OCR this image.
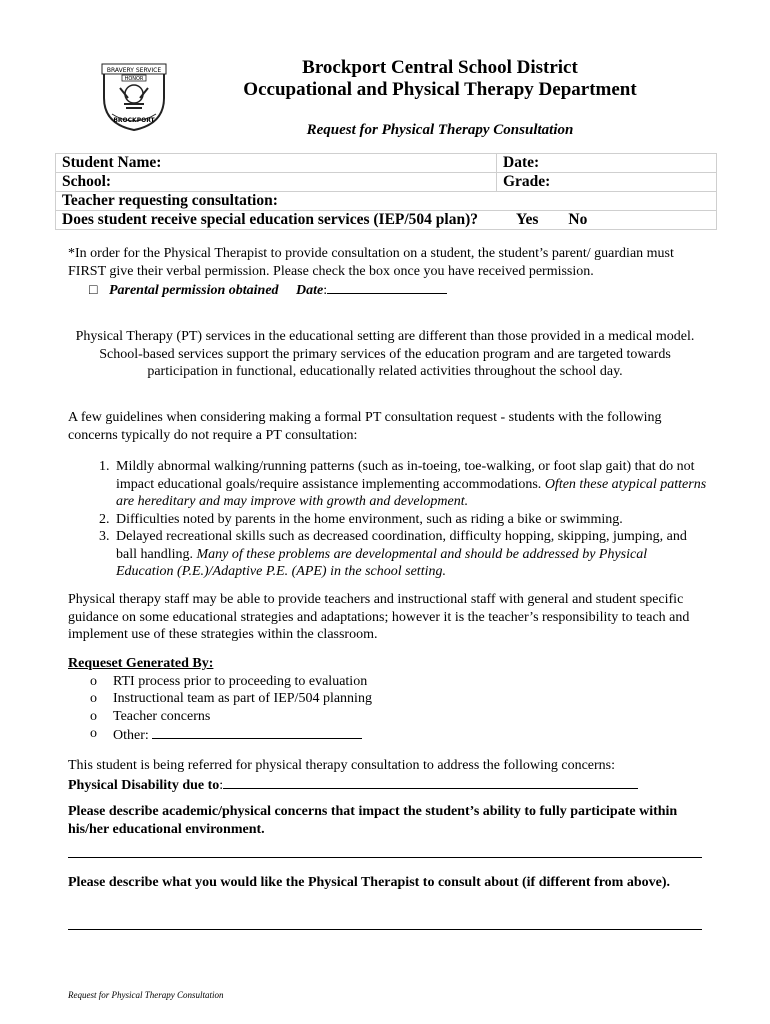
BRAVERY SERVICE
HONOR
BROCKPORT
Brockport Central School District
Occupational and Physical Therapy Department
Request for Physical Therapy Consultation
Student Name:	Date:
School:	Grade:
Teacher requesting consultation:	
Does student receive special education services (IEP/504 plan)? Yes No	
*In order for the Physical Therapist to provide consultation on a student, the student’s parent/ guardian must FIRST give their verbal permission. Please check the box once you have received permission.
□ Parental permission obtained Date:
Physical Therapy (PT) services in the educational setting are different than those provided in a medical model. School-based services support the primary services of the education program and are targeted towards participation in functional, educationally related activities throughout the school day.
A few guidelines when considering making a formal PT consultation request - students with the following concerns typically do not require a PT consultation:
1. Mildly abnormal walking/running patterns (such as in-toeing, toe-walking, or foot slap gait) that do not impact educational goals/require assistance implementing accommodations. Often these atypical patterns are hereditary and may improve with growth and development.
2. Difficulties noted by parents in the home environment, such as riding a bike or swimming.
3. Delayed recreational skills such as decreased coordination, difficulty hopping, skipping, jumping, and ball handling. Many of these problems are developmental and should be addressed by Physical Education (P.E.)/Adaptive P.E. (APE) in the school setting.
Physical therapy staff may be able to provide teachers and instructional staff with general and student specific guidance on some educational strategies and adaptations; however it is the teacher’s responsibility to teach and implement use of these strategies within the classroom.
Requeset Generated By:
o RTI process prior to proceeding to evaluation
o Instructional team as part of IEP/504 planning
o Teacher concerns
o Other:
This student is being referred for physical therapy consultation to address the following concerns:
Physical Disability due to:
Please describe academic/physical concerns that impact the student’s ability to fully participate within his/her educational environment.
Please describe what you would like the Physical Therapist to consult about (if different from above).
Request for Physical Therapy Consultation
